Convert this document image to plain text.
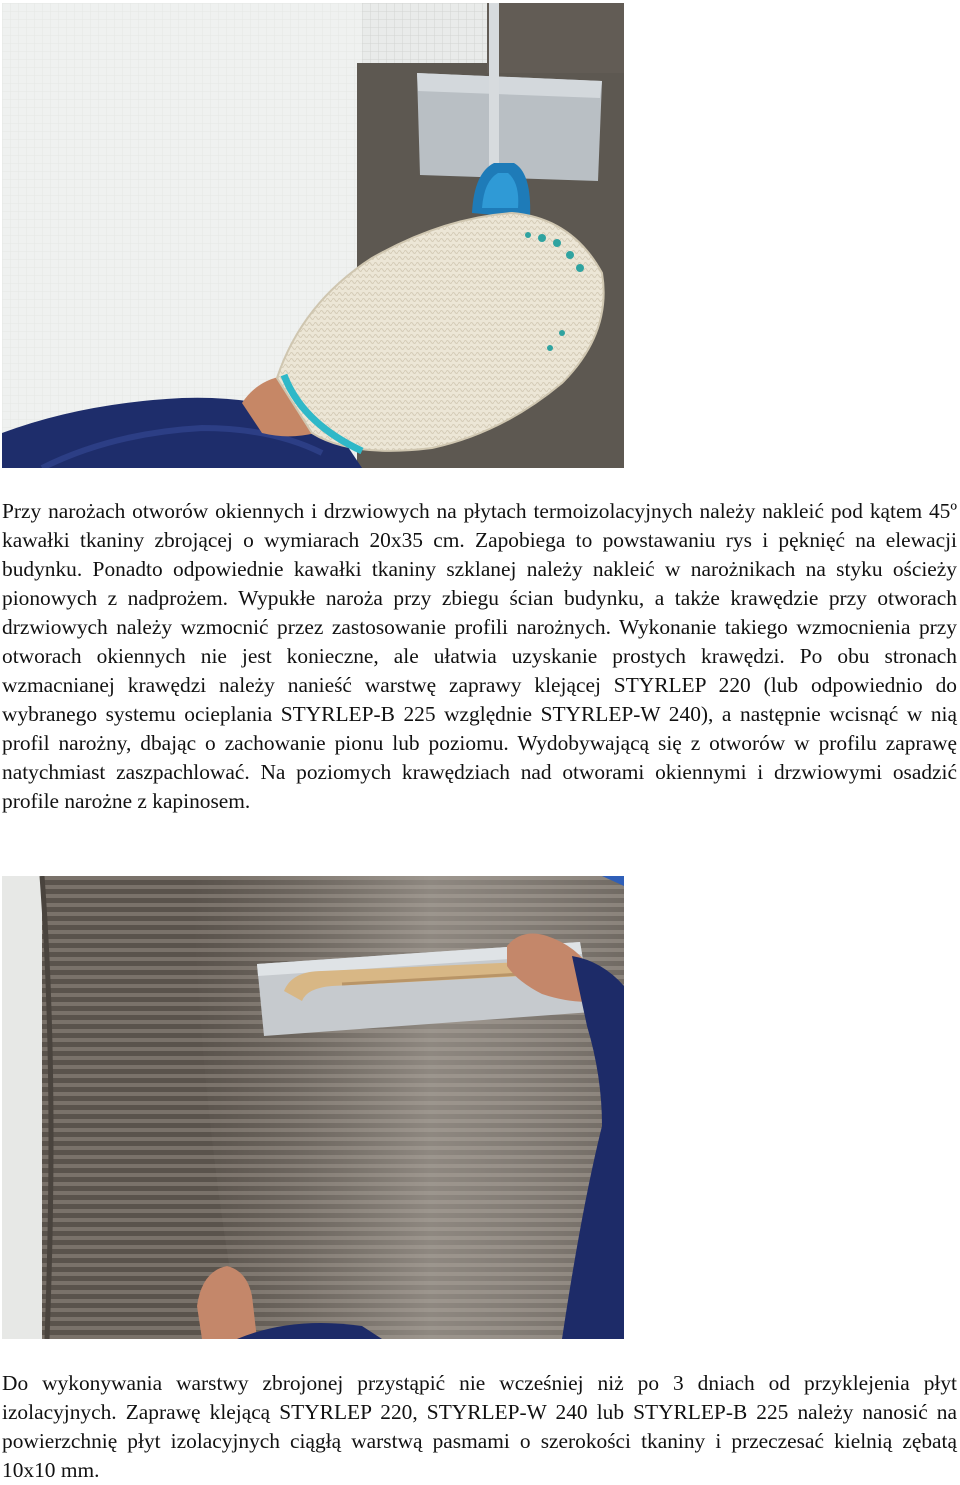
Przy narożach otworów okiennych i drzwiowych na płytach termoizolacyjnych należy nakleić pod kątem 45º kawałki tkaniny zbrojącej o wymiarach 20x35 cm. Zapobiega to powstawaniu rys i pęknięć na elewacji budynku. Ponadto odpowiednie kawałki tkaniny szklanej należy nakleić w narożnikach na styku ościeży pionowych z nadprożem. Wypukłe naroża przy zbiegu ścian budynku, a także krawędzie przy otworach drzwiowych należy wzmocnić przez zastosowanie profili narożnych. Wykonanie takiego wzmocnienia przy otworach okiennych nie jest konieczne, ale ułatwia uzyskanie prostych krawędzi. Po obu stronach wzmacnianej krawędzi należy nanieść warstwę zaprawy klejącej STYRLEP 220 (lub odpowiednio do wybranego systemu ocieplania STYRLEP-B 225 względnie STYRLEP-W 240), a następnie wcisnąć w nią profil narożny, dbając o zachowanie pionu lub poziomu. Wydobywającą się z otworów w profilu zaprawę natychmiast zaszpachlować. Na poziomych krawędziach nad otworami okiennymi i drzwiowymi osadzić profile narożne z kapinosem.

Do wykonywania warstwy zbrojonej przystąpić nie wcześniej niż po 3 dniach od przyklejenia płyt izolacyjnych. Zaprawę klejącą STYRLEP 220, STYRLEP-W 240 lub STYRLEP-B 225 należy nanosić na powierzchnię płyt izolacyjnych ciągłą warstwą pasmami o szerokości tkaniny i przeczesać kielnią zębatą 10x10 mm.
